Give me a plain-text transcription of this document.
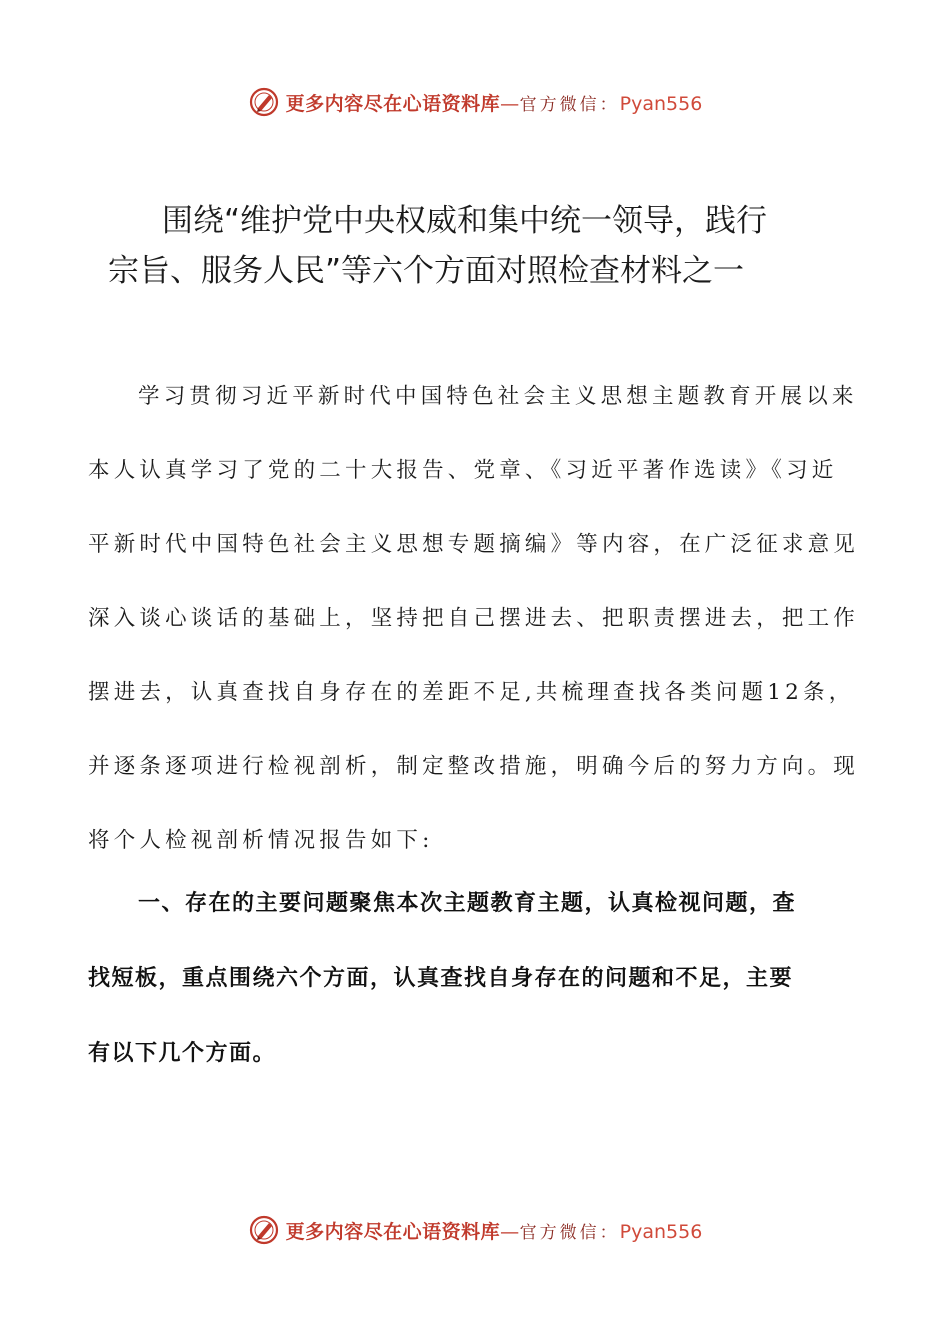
更多内容尽在心语资料库—官方微信：Pyan556
围绕“维护党中央权威和集中统一领导，践行
宗旨、服务人民”等六个方面对照检查材料之一
学习贯彻习近平新时代中国特色社会主义思想主题教育开展以来
本人认真学习了党的二十大报告、党章、《习近平著作选读》《习近
平新时代中国特色社会主义思想专题摘编》等内容，在广泛征求意见
深入谈心谈话的基础上，坚持把自己摆进去、把职责摆进去，把工作
摆进去，认真查找自身存在的差距不足,共梳理查找各类问题12条，
并逐条逐项进行检视剖析，制定整改措施，明确今后的努力方向。现
将个人检视剖析情况报告如下:
一、存在的主要问题聚焦本次主题教育主题，认真检视问题，查
找短板，重点围绕六个方面，认真查找自身存在的问题和不足，主要
有以下几个方面。
更多内容尽在心语资料库—官方微信：Pyan556
